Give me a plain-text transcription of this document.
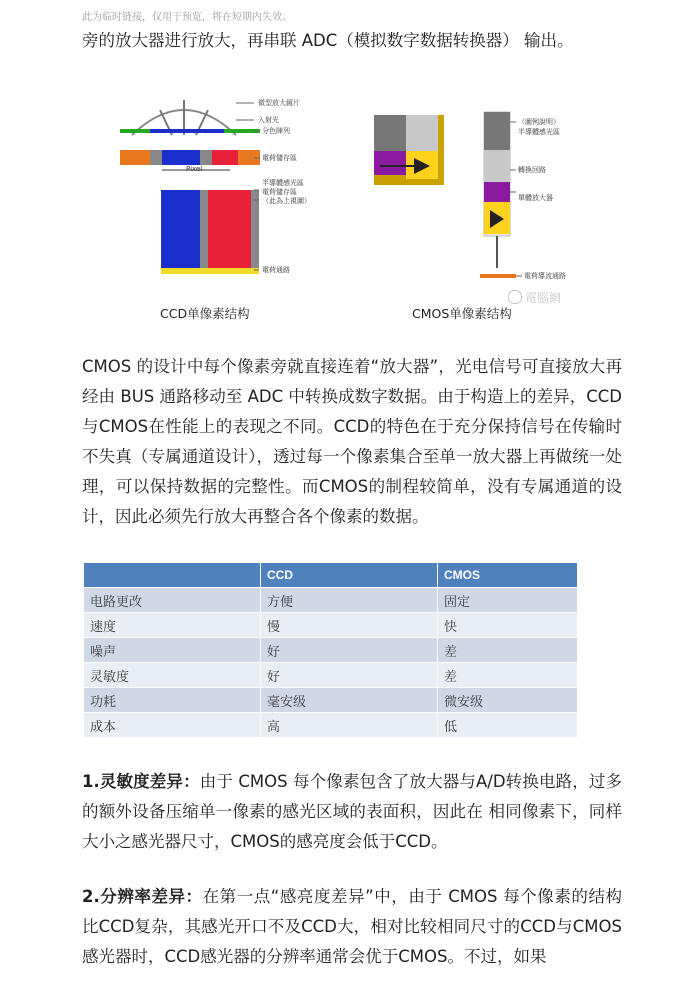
此为临时链接，仅用于预览，将在短期内失效。
旁的放大器进行放大，再串联 ADC（模拟数字数据转换器） 输出。
微型放大鏡片
入射光
分色陣列
電荷儲存區
Pixel
半導體感光區
電荷儲存區
（此為上視圖）
電荷通路
（圖例說明）
半導體感光區
轉換回路
單體放大器
電荷導流通路
電腦網
CCD单像素结构	CMOS单像素结构
CMOS 的设计中每个像素旁就直接连着“放大器”，光电信号可直接放大再经由 BUS 通路移动至 ADC 中转换成数字数据。由于构造上的差异，CCD与CMOS在性能上的表现之不同。CCD的特色在于充分保持信号在传输时不失真（专属通道设计），透过每一个像素集合至单一放大器上再做统一处理，可以保持数据的完整性。而CMOS的制程较简单，没有专属通道的设计，因此必须先行放大再整合各个像素的数据。
	CCD	CMOS
电路更改	方便	固定
速度	慢	快
噪声	好	差
灵敏度	好	差
功耗	毫安级	微安级
成本	高	低
1.灵敏度差异：由于 CMOS 每个像素包含了放大器与A/D转换电路，过多的额外设备压缩单一像素的感光区域的表面积，因此在 相同像素下，同样大小之感光器尺寸，CMOS的感亮度会低于CCD。
2.分辨率差异：在第一点“感亮度差异”中，由于 CMOS 每个像素的结构比CCD复杂，其感光开口不及CCD大，相对比较相同尺寸的CCD与CMOS感光器时，CCD感光器的分辨率通常会优于CMOS。不过，如果
